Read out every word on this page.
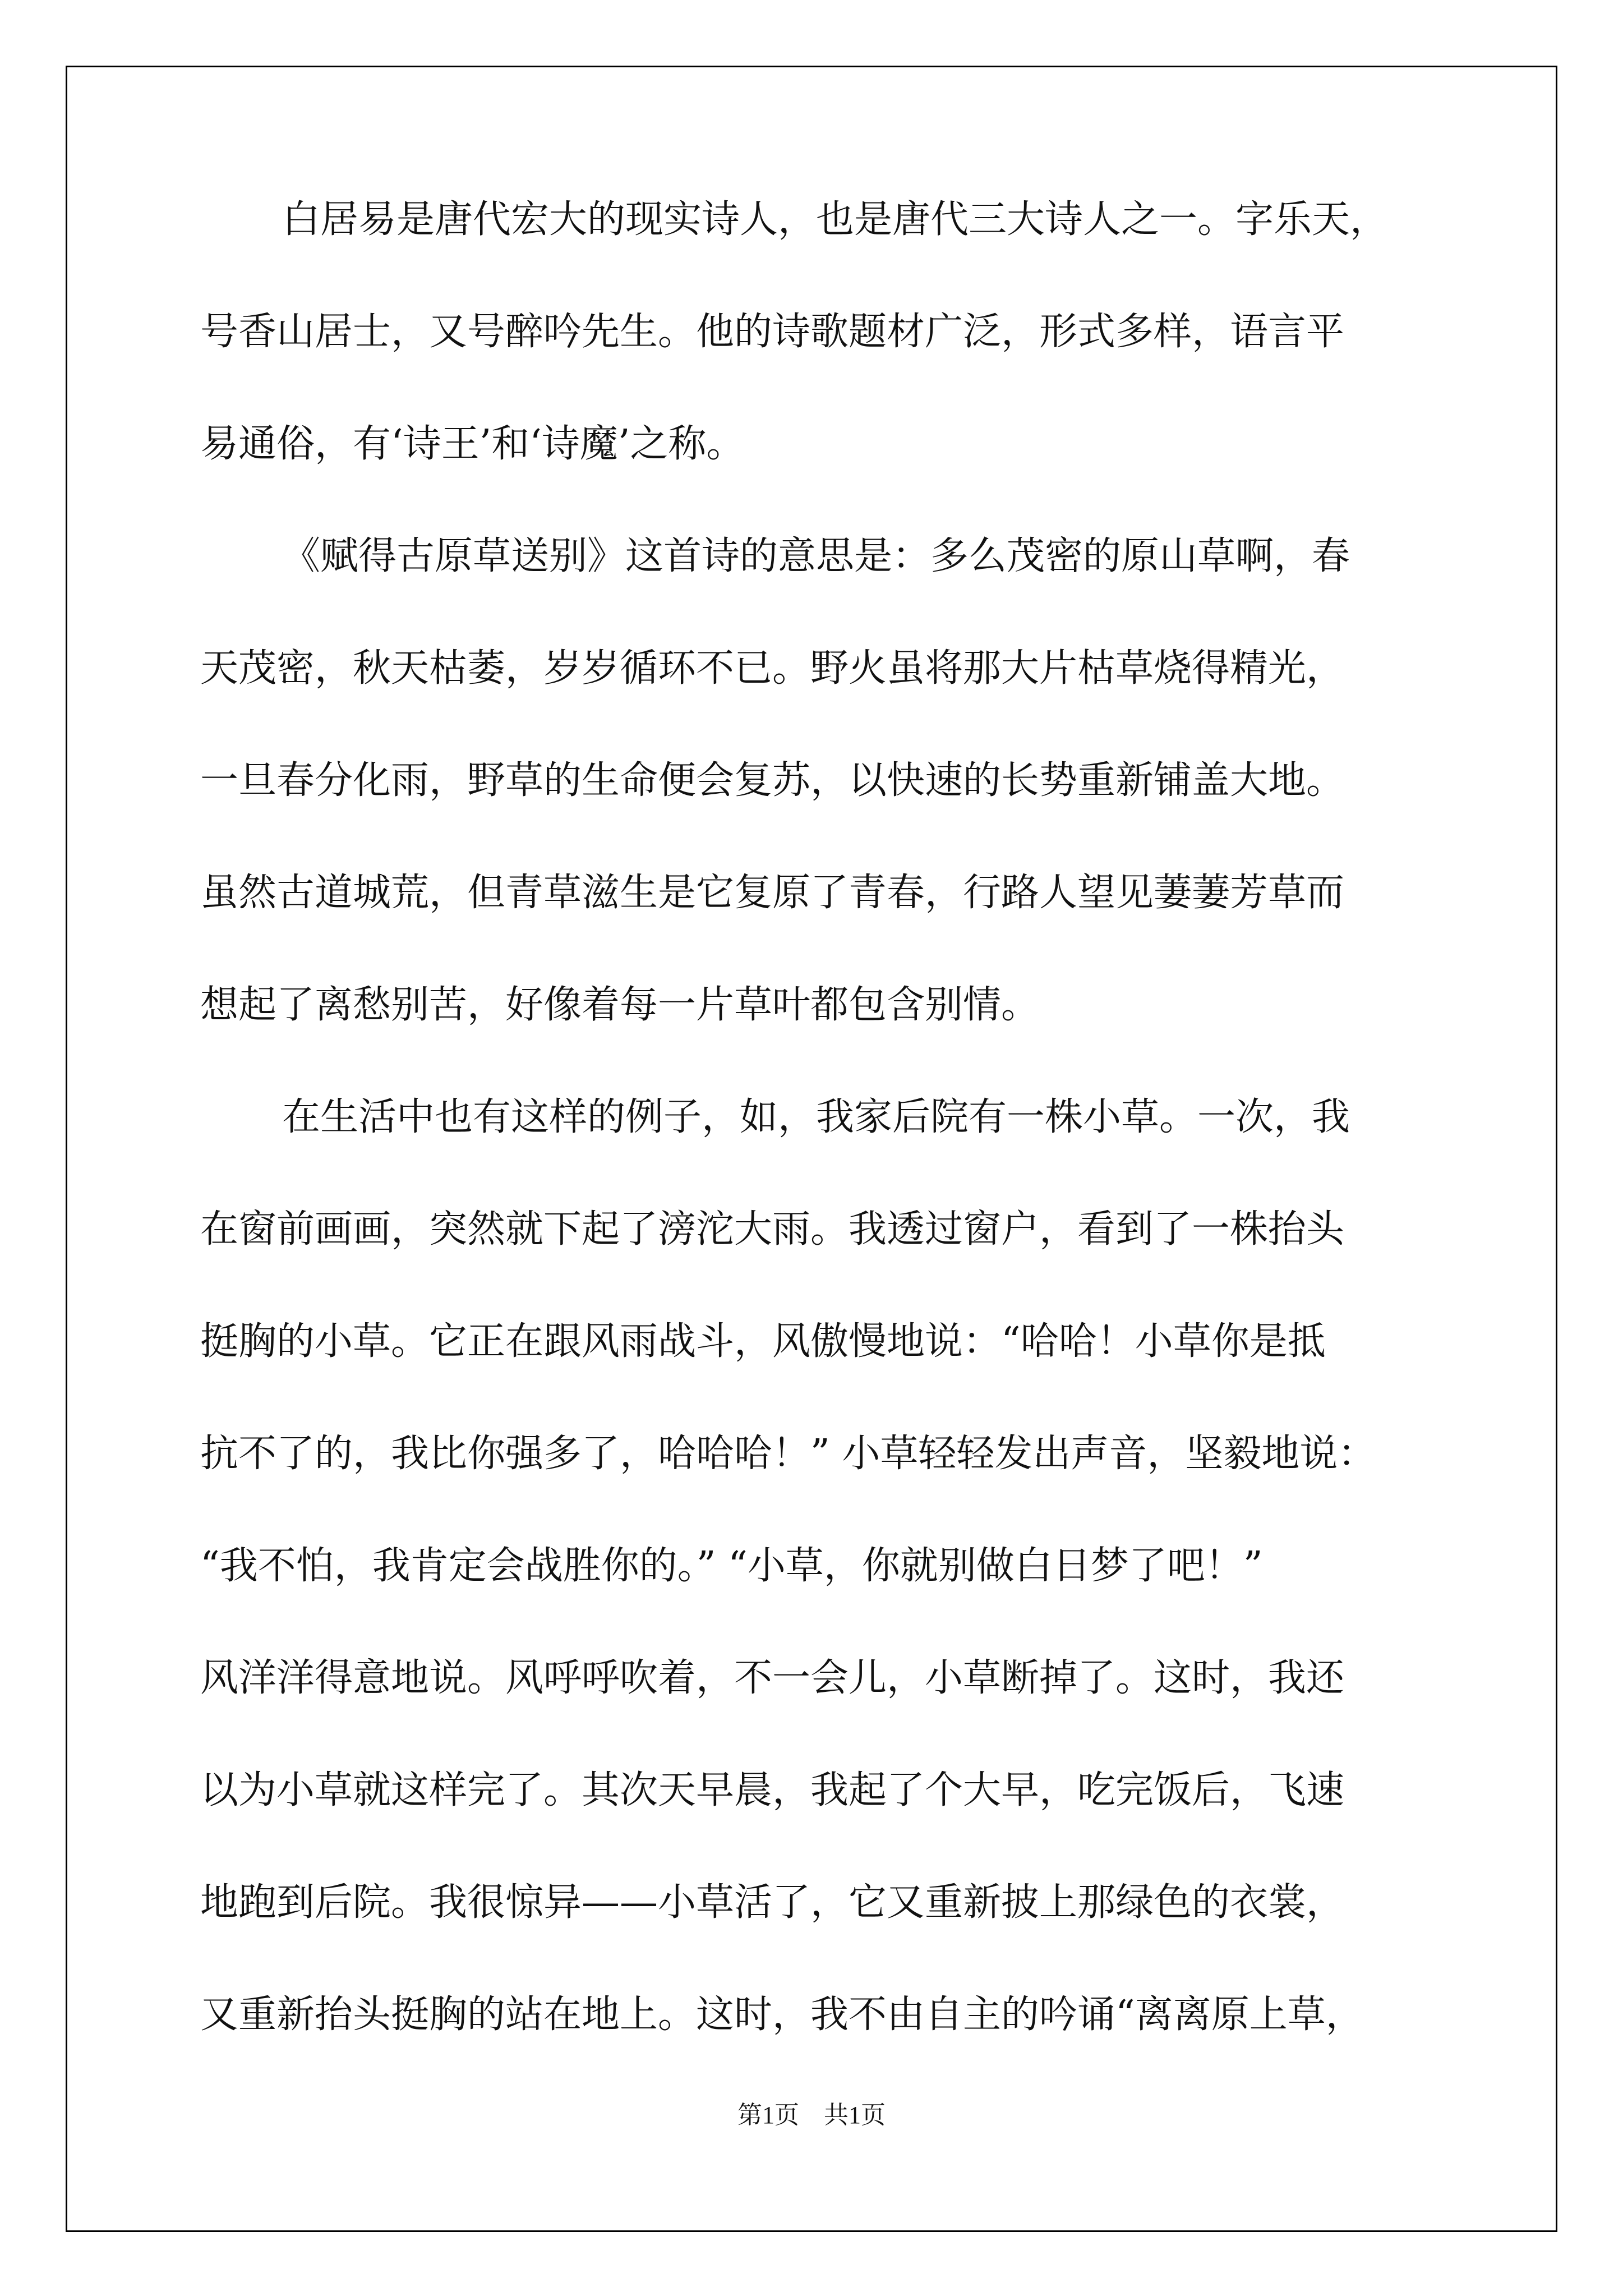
白居易是唐代宏大的现实诗人，也是唐代三大诗人之一。字乐天，
号香山居士，又号醉吟先生。他的诗歌题材广泛，形式多样，语言平
易通俗，有‘诗王’和‘诗魔’之称。

《赋得古原草送别》这首诗的意思是：多么茂密的原山草啊，春
天茂密，秋天枯萎，岁岁循环不已。野火虽将那大片枯草烧得精光，
一旦春分化雨，野草的生命便会复苏，以快速的长势重新铺盖大地。
虽然古道城荒，但青草滋生是它复原了青春，行路人望见萋萋芳草而
想起了离愁别苦，好像着每一片草叶都包含别情。

在生活中也有这样的例子，如，我家后院有一株小草。一次，我
在窗前画画，突然就下起了滂沱大雨。我透过窗户，看到了一株抬头
挺胸的小草。它正在跟风雨战斗，风傲慢地说：“哈哈！小草你是抵
抗不了的，我比你强多了，哈哈哈！” 小草轻轻发出声音，坚毅地说：
“我不怕，我肯定会战胜你的。” “小草，你就别做白日梦了吧！”
风洋洋得意地说。风呼呼吹着，不一会儿，小草断掉了。这时，我还
以为小草就这样完了。其次天早晨，我起了个大早，吃完饭后，飞速
地跑到后院。我很惊异——小草活了，它又重新披上那绿色的衣裳，
又重新抬头挺胸的站在地上。这时，我不由自主的吟诵“离离原上草，

第1页　共1页
